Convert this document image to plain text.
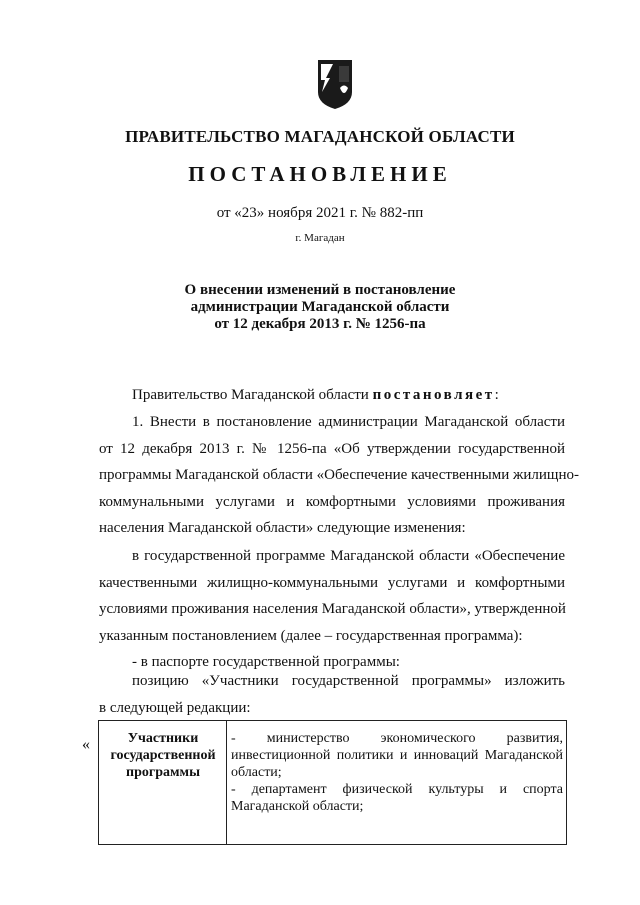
ПРАВИТЕЛЬСТВО МАГАДАНСКОЙ ОБЛАСТИ
ПОСТАНОВЛЕНИЕ
от «23» ноября 2021 г. № 882-пп
г. Магадан
О внесении изменений в постановление
администрации Магаданской области
от 12 декабря 2013 г. № 1256-па
Правительство Магаданской области постановляет:
1. Внести в постановление администрации Магаданской области
от 12 декабря 2013 г. № 1256-па «Об утверждении государственной
программы Магаданской области «Обеспечение качественными жилищно-
коммунальными услугами и комфортными условиями проживания
населения Магаданской области» следующие изменения:
в государственной программе Магаданской области «Обеспечение
качественными жилищно-коммунальными услугами и комфортными
условиями проживания населения Магаданской области», утвержденной
указанным постановлением (далее – государственная программа):
- в паспорте государственной программы:
позицию «Участники государственной программы» изложить
в следующей редакции:
«	Участники
государственной
программы
- министерство экономического развития,
инвестиционной политики и инноваций Магаданской
области;
- департамент физической культуры и спорта
Магаданской области;
